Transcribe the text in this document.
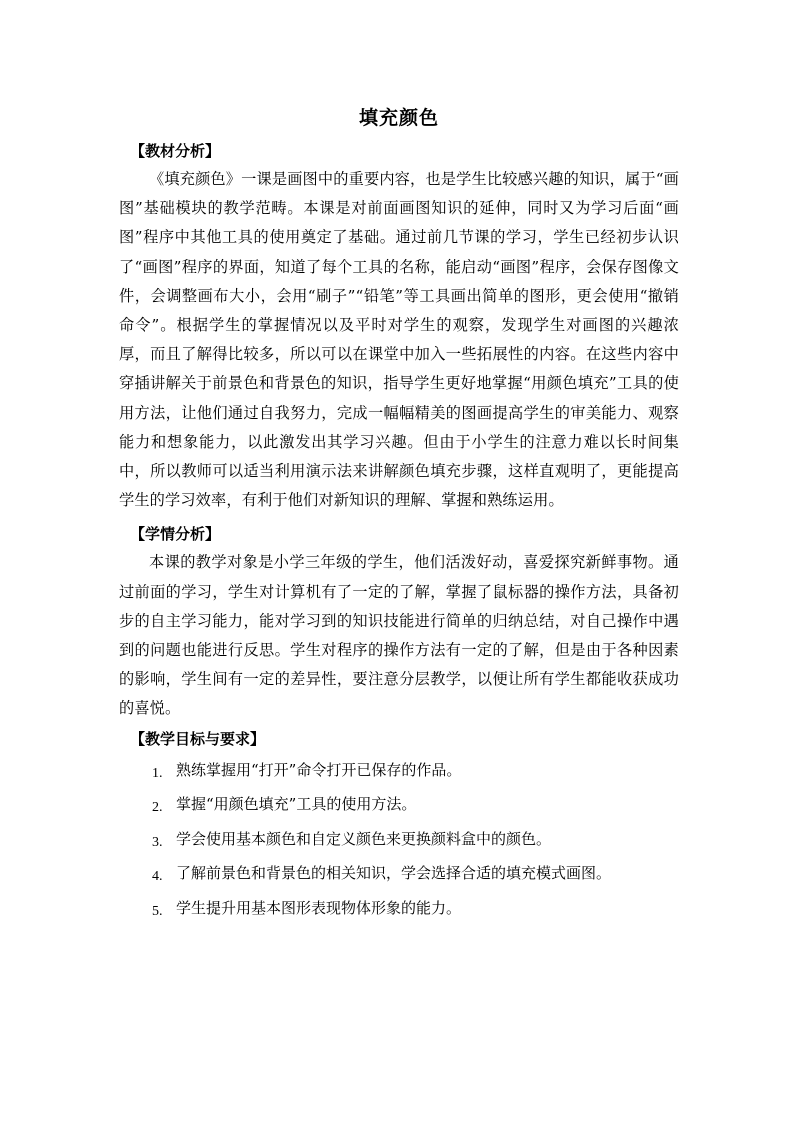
填充颜色
【教材分析】

《填充颜色》一课是画图中的重要内容，也是学生比较感兴趣的知识，属于“画图”基础模块的教学范畴。本课是对前面画图知识的延伸，同时又为学习后面“画图”程序中其他工具的使用奠定了基础。通过前几节课的学习，学生已经初步认识了“画图”程序的界面，知道了每个工具的名称，能启动“画图”程序，会保存图像文件，会调整画布大小，会用“刷子”“铅笔”等工具画出简单的图形，更会使用“撤销命令”。根据学生的掌握情况以及平时对学生的观察，发现学生对画图的兴趣浓厚，而且了解得比较多，所以可以在课堂中加入一些拓展性的内容。在这些内容中穿插讲解关于前景色和背景色的知识，指导学生更好地掌握“用颜色填充”工具的使用方法，让他们通过自我努力，完成一幅幅精美的图画提高学生的审美能力、观察能力和想象能力，以此激发出其学习兴趣。但由于小学生的注意力难以长时间集中，所以教师可以适当利用演示法来讲解颜色填充步骤，这样直观明了，更能提高学生的学习效率，有利于他们对新知识的理解、掌握和熟练运用。

【学情分析】

本课的教学对象是小学三年级的学生，他们活泼好动，喜爱探究新鲜事物。通过前面的学习，学生对计算机有了一定的了解，掌握了鼠标器的操作方法，具备初步的自主学习能力，能对学习到的知识技能进行简单的归纳总结，对自己操作中遇到的问题也能进行反思。学生对程序的操作方法有一定的了解，但是由于各种因素的影响，学生间有一定的差异性，要注意分层教学，以便让所有学生都能收获成功的喜悦。

【教学目标与要求】
1. 熟练掌握用“打开”命令打开已保存的作品。
2. 掌握“用颜色填充”工具的使用方法。
3. 学会使用基本颜色和自定义颜色来更换颜料盒中的颜色。
4. 了解前景色和背景色的相关知识，学会选择合适的填充模式画图。
5. 学生提升用基本图形表现物体形象的能力。
